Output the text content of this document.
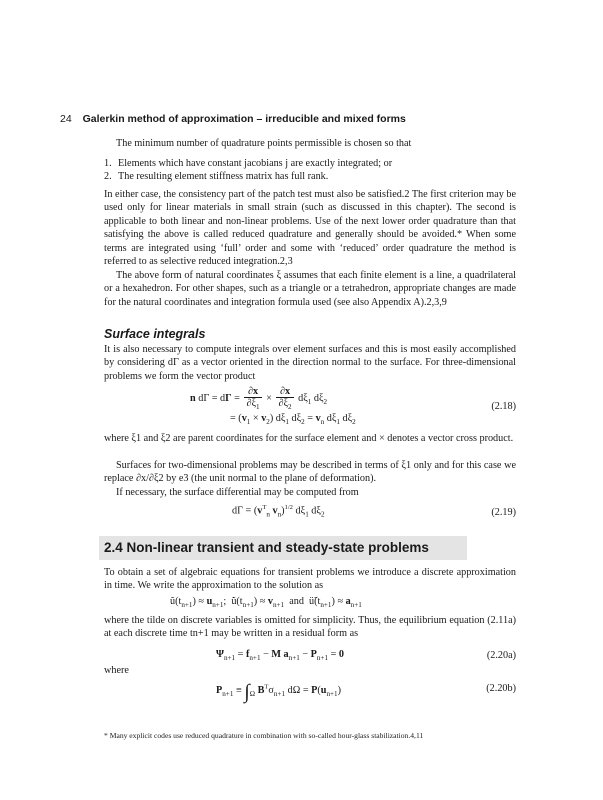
24 Galerkin method of approximation – irreducible and mixed forms
The minimum number of quadrature points permissible is chosen so that
1. Elements which have constant jacobians j are exactly integrated; or
2. The resulting element stiffness matrix has full rank.

In either case, the consistency part of the patch test must also be satisfied.2 The first criterion may be used only for linear materials in small strain (such as discussed in this chapter). The second is applicable to both linear and non-linear problems. Use of the next lower order quadrature than that satisfying the above is called reduced quadrature and generally should be avoided.* When some terms are integrated using ‘full’ order and some with ‘reduced’ order quadrature the method is referred to as selective reduced integration.2,3

The above form of natural coordinates ξ assumes that each finite element is a line, a quadrilateral or a hexahedron. For other shapes, such as a triangle or a tetrahedron, appropriate changes are made for the natural coordinates and integration formula used (see also Appendix A).2,3,9

Surface integrals

It is also necessary to compute integrals over element surfaces and this is most easily accomplished by considering dΓ as a vector oriented in the direction normal to the surface. For three-dimensional problems we form the vector product

n $d\Gamma = d\Gamma = \frac{\partial x}{\partial\xi_1} \times \frac{\partial x}{\partial\xi_2} d\xi_1$ $d\xi_2$
= $(v_1 \times v_2)$ $d\xi_1$ $d\xi_2 = v_n$ $d\xi_1$ $d\xi_2$
(2.18)

where ξ1 and ξ2 are parent coordinates for the surface element and × denotes a vector cross product.

Surfaces for two-dimensional problems may be described in terms of ξ1 only and for this case we replace ∂x/∂ξ2 by e3 (the unit normal to the plane of deformation).

If necessary, the surface differential may be computed from

$d\Gamma = (v^T_n$ $v_n)^{1/2}$ $d\xi_1$ $d\xi_2$	(2.19)
2.4 Non-linear transient and steady-state problems

To obtain a set of algebraic equations for transient problems we introduce a discrete approximation in time. We write the approximation to the solution as

$ũ(t_{n+1}) \approx u_{n+1}$;  $u̇̃(t_{n+1}) \approx v_{n+1}$  and  $ü̃(t_{n+1}) \approx a_{n+1}$

where the tilde on discrete variables is omitted for simplicity. Thus, the equilibrium equation (2.11a) at each discrete time tn+1 may be written in a residual form as

$\Psi_{n+1} = f_{n+1} - M$ $a_{n+1} - P_{n+1} = 0$	(2.20a)
where
$P_{n+1} \equiv \int_\Omega$ $B^T\sigma_{n+1}$ $d\Omega = P(u_{n+1})$	(2.20b)
* Many explicit codes use reduced quadrature in combination with so-called hour-glass stabilization.4,11
